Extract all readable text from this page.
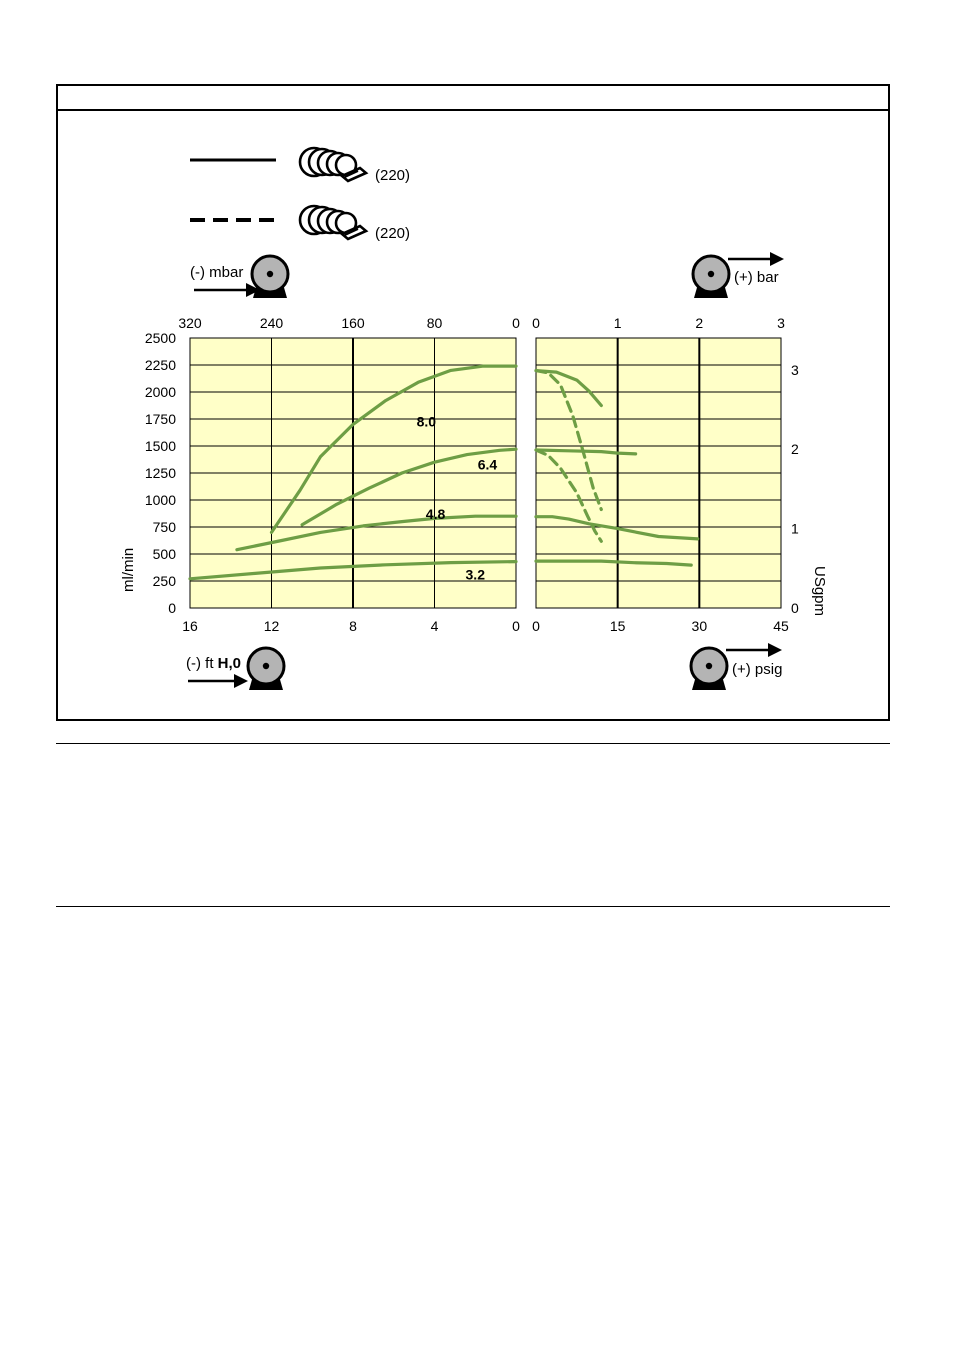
(220)
(220)
(-) mbar	(+) bar
(-) ft H,0	(+) psig
ml/min	USgpm
0
250
500
750
1000
1250
1500
1750
2000
2250
2500
320	240	160	80	0
16	12	8	4	0
8.0
6.4
4.8
3.2
0	1	2	3
0	15	30	45
0
1
2
3
